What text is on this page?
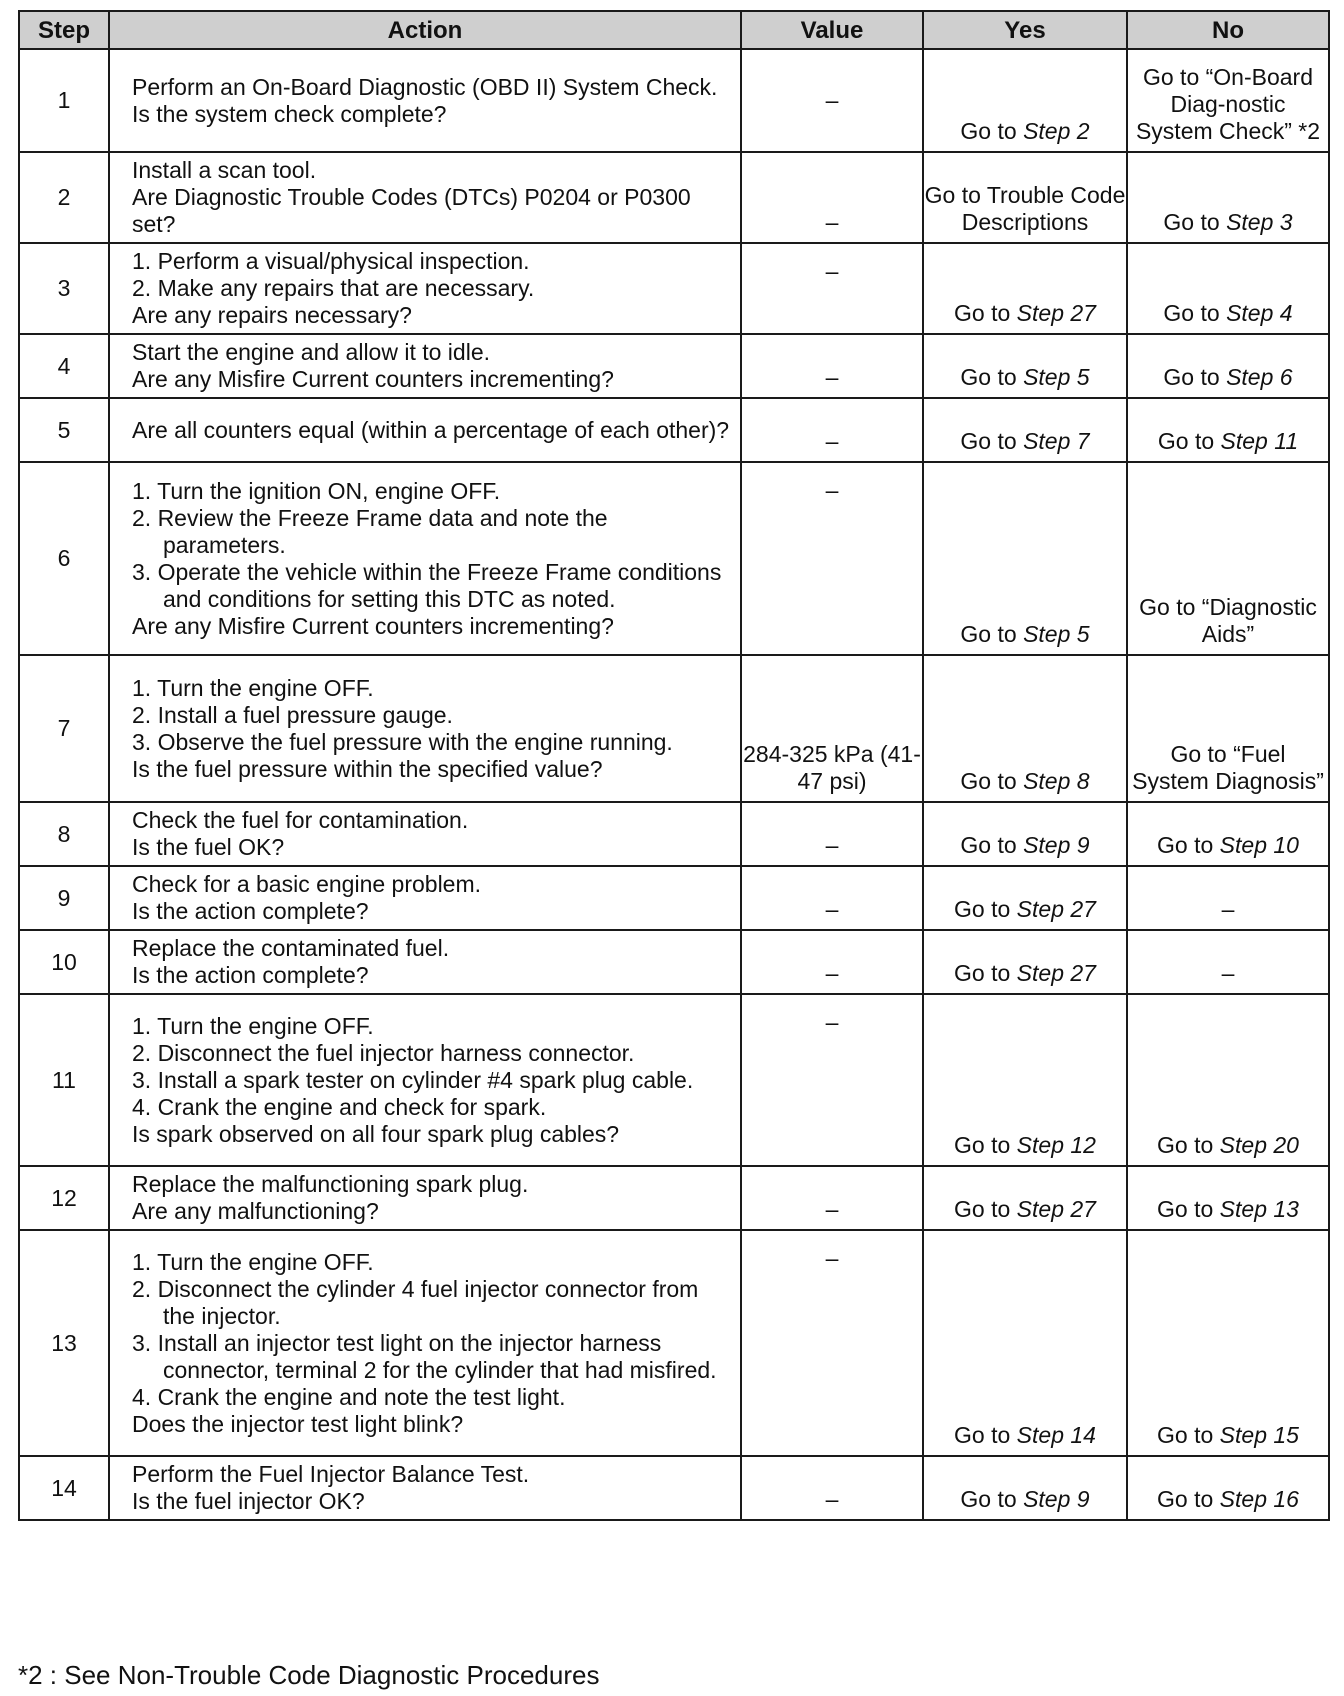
Step	Action	Value	Yes	No
1	Perform an On-Board Diagnostic (OBD II) System Check.
Is the system check complete?	–	Go to Step 2	Go to “On-Board Diag-nostic System Check” *2
2	Install a scan tool.
Are Diagnostic Trouble Codes (DTCs) P0204 or P0300 set?	–	Go to Trouble Code Descriptions	Go to Step 3
3	1. Perform a visual/physical inspection.
2. Make any repairs that are necessary.
Are any repairs necessary?	–	Go to Step 27	Go to Step 4
4	Start the engine and allow it to idle.
Are any Misfire Current counters incrementing?	–	Go to Step 5	Go to Step 6
5	Are all counters equal (within a percentage of each other)?	–	Go to Step 7	Go to Step 11
6	1. Turn the ignition ON, engine OFF.
2. Review the Freeze Frame data and note the parameters.
3. Operate the vehicle within the Freeze Frame conditions and conditions for setting this DTC as noted.
Are any Misfire Current counters incrementing?	–	Go to Step 5	Go to “Diagnostic Aids”
7	1. Turn the engine OFF.
2. Install a fuel pressure gauge.
3. Observe the fuel pressure with the engine running.
Is the fuel pressure within the specified value?	284-325 kPa (41-47 psi)	Go to Step 8	Go to “Fuel System Diagnosis”
8	Check the fuel for contamination.
Is the fuel OK?	–	Go to Step 9	Go to Step 10
9	Check for a basic engine problem.
Is the action complete?	–	Go to Step 27	–
10	Replace the contaminated fuel.
Is the action complete?	–	Go to Step 27	–
11	1. Turn the engine OFF.
2. Disconnect the fuel injector harness connector.
3. Install a spark tester on cylinder #4 spark plug cable.
4. Crank the engine and check for spark.
Is spark observed on all four spark plug cables?	–	Go to Step 12	Go to Step 20
12	Replace the malfunctioning spark plug.
Are any malfunctioning?	–	Go to Step 27	Go to Step 13
13	1. Turn the engine OFF.
2. Disconnect the cylinder 4 fuel injector connector from the injector.
3. Install an injector test light on the injector harness connector, terminal 2 for the cylinder that had misfired.
4. Crank the engine and note the test light.
Does the injector test light blink?	–	Go to Step 14	Go to Step 15
14	Perform the Fuel Injector Balance Test.
Is the fuel injector OK?	–	Go to Step 9	Go to Step 16
*2 : See Non-Trouble Code Diagnostic Procedures
